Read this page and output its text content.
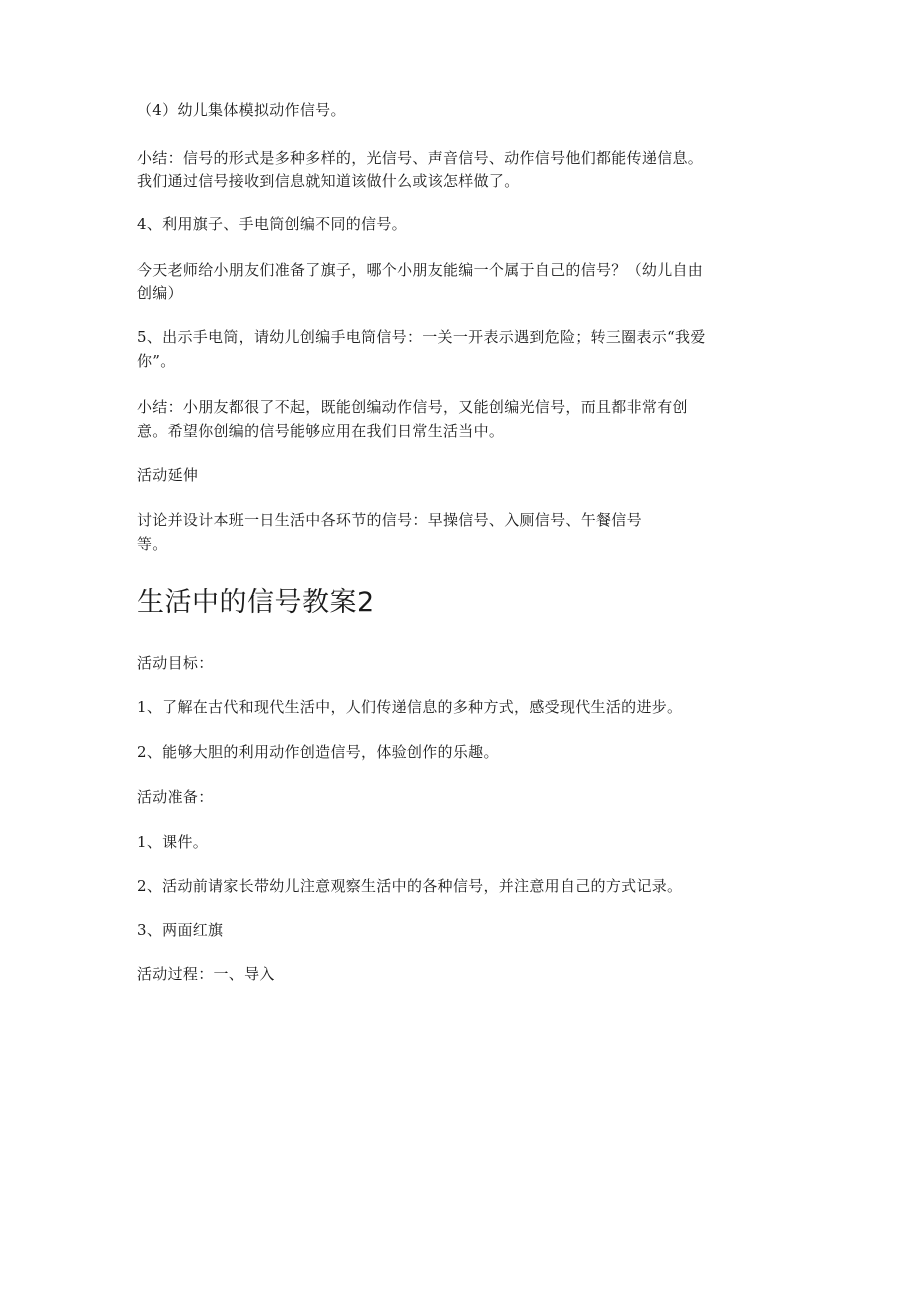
（4）幼儿集体模拟动作信号。

小结：信号的形式是多种多样的，光信号、声音信号、动作信号他们都能传递信息。

我们通过信号接收到信息就知道该做什么或该怎样做了。

4、利用旗子、手电筒创编不同的信号。

今天老师给小朋友们准备了旗子，哪个小朋友能编一个属于自己的信号？（幼儿自由

创编）

5、出示手电筒，请幼儿创编手电筒信号：一关一开表示遇到危险；转三圈表示“我爱

你”。

小结：小朋友都很了不起，既能创编动作信号，又能创编光信号，而且都非常有创

意。希望你创编的信号能够应用在我们日常生活当中。

活动延伸

讨论并设计本班一日生活中各环节的信号：早操信号、入厕信号、午餐信号

等。

生活中的信号教案2

活动目标：

1、了解在古代和现代生活中，人们传递信息的多种方式，感受现代生活的进步。

2、能够大胆的利用动作创造信号，体验创作的乐趣。

活动准备：

1、课件。

2、活动前请家长带幼儿注意观察生活中的各种信号，并注意用自己的方式记录。

3、两面红旗

活动过程：一、导入
